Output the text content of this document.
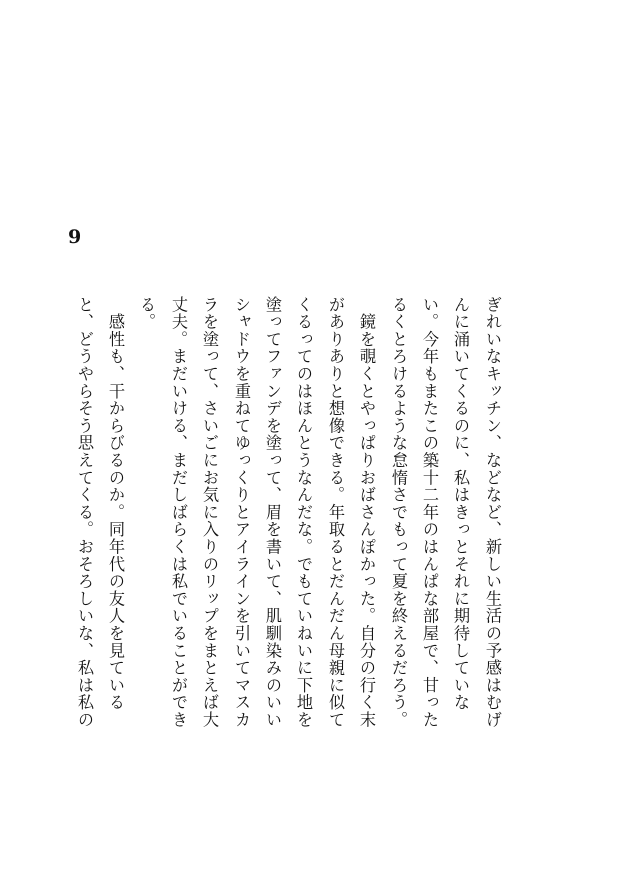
9
ぎれいなキッチン、などなど、新しい生活の予感はむげ
んに涌いてくるのに、私はきっとそれに期待していな
い。今年もまたこの築十二年のはんぱな部屋で、甘った
るくとろけるような怠惰さでもって夏を終えるだろう。
　鏡を覗くとやっぱりおばさんぽかった。自分の行く末
がありありと想像できる。年取るとだんだん母親に似て
くるってのはほんとうなんだな。でもていねいに下地を
塗ってファンデを塗って、眉を書いて、肌馴染みのいい
シャドウを重ねてゆっくりとアイラインを引いてマスカ
ラを塗って、さいごにお気に入りのリップをまとえば大
丈夫。まだいける、まだしばらくは私でいることができ
る。
　感性も、干からびるのか。同年代の友人を見ている
と、どうやらそう思えてくる。おそろしいな、私は私の
